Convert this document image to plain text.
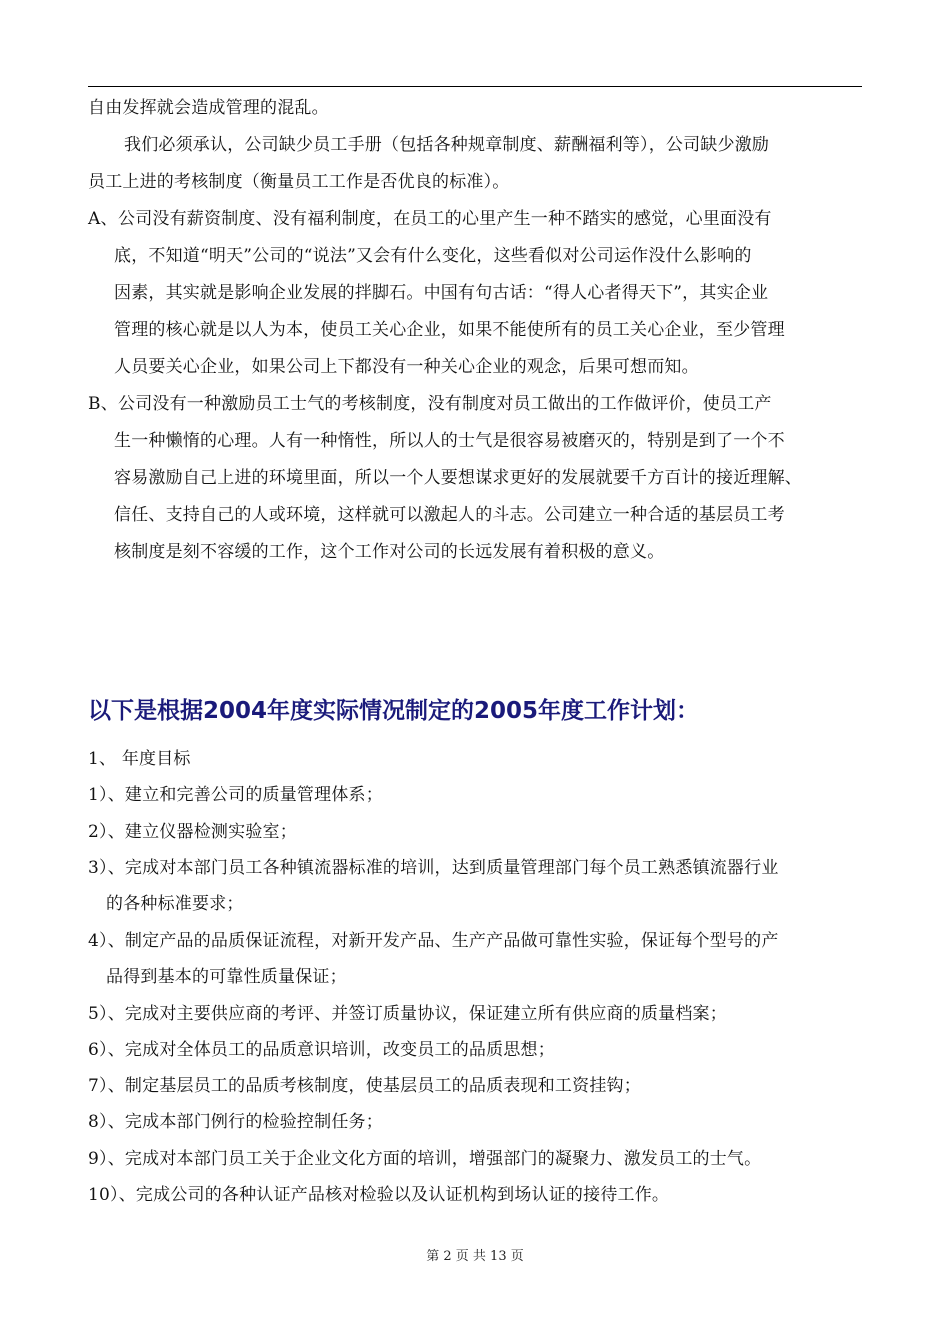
自由发挥就会造成管理的混乱。
我们必须承认，公司缺少员工手册（包括各种规章制度、薪酬福利等），公司缺少激励
员工上进的考核制度（衡量员工工作是否优良的标准）。
A、 公司没有薪资制度、没有福利制度，在员工的心里产生一种不踏实的感觉，心里面没有
底，不知道“明天”公司的“说法”又会有什么变化，这些看似对公司运作没什么影响的
因素，其实就是影响企业发展的拌脚石。中国有句古话：“得人心者得天下”，其实企业
管理的核心就是以人为本，使员工关心企业，如果不能使所有的员工关心企业，至少管理
人员要关心企业，如果公司上下都没有一种关心企业的观念，后果可想而知。
B、 公司没有一种激励员工士气的考核制度，没有制度对员工做出的工作做评价，使员工产
生一种懒惰的心理。人有一种惰性，所以人的士气是很容易被磨灭的，特别是到了一个不
容易激励自己上进的环境里面，所以一个人要想谋求更好的发展就要千方百计的接近理解、
信任、支持自己的人或环境，这样就可以激起人的斗志。公司建立一种合适的基层员工考
核制度是刻不容缓的工作，这个工作对公司的长远发展有着积极的意义。
以下是根据2004年度实际情况制定的2005年度工作计划：
1、 年度目标
1）、建立和完善公司的质量管理体系；
2）、建立仪器检测实验室；
3）、完成对本部门员工各种镇流器标准的培训，达到质量管理部门每个员工熟悉镇流器行业
的各种标准要求；
4）、制定产品的品质保证流程，对新开发产品、生产产品做可靠性实验，保证每个型号的产
品得到基本的可靠性质量保证；
5）、完成对主要供应商的考评、并签订质量协议，保证建立所有供应商的质量档案；
6）、完成对全体员工的品质意识培训，改变员工的品质思想；
7）、制定基层员工的品质考核制度，使基层员工的品质表现和工资挂钩；
8）、完成本部门例行的检验控制任务；
9）、完成对本部门员工关于企业文化方面的培训，增强部门的凝聚力、激发员工的士气。
10）、完成公司的各种认证产品核对检验以及认证机构到场认证的接待工作。
第 2 页 共 13 页
